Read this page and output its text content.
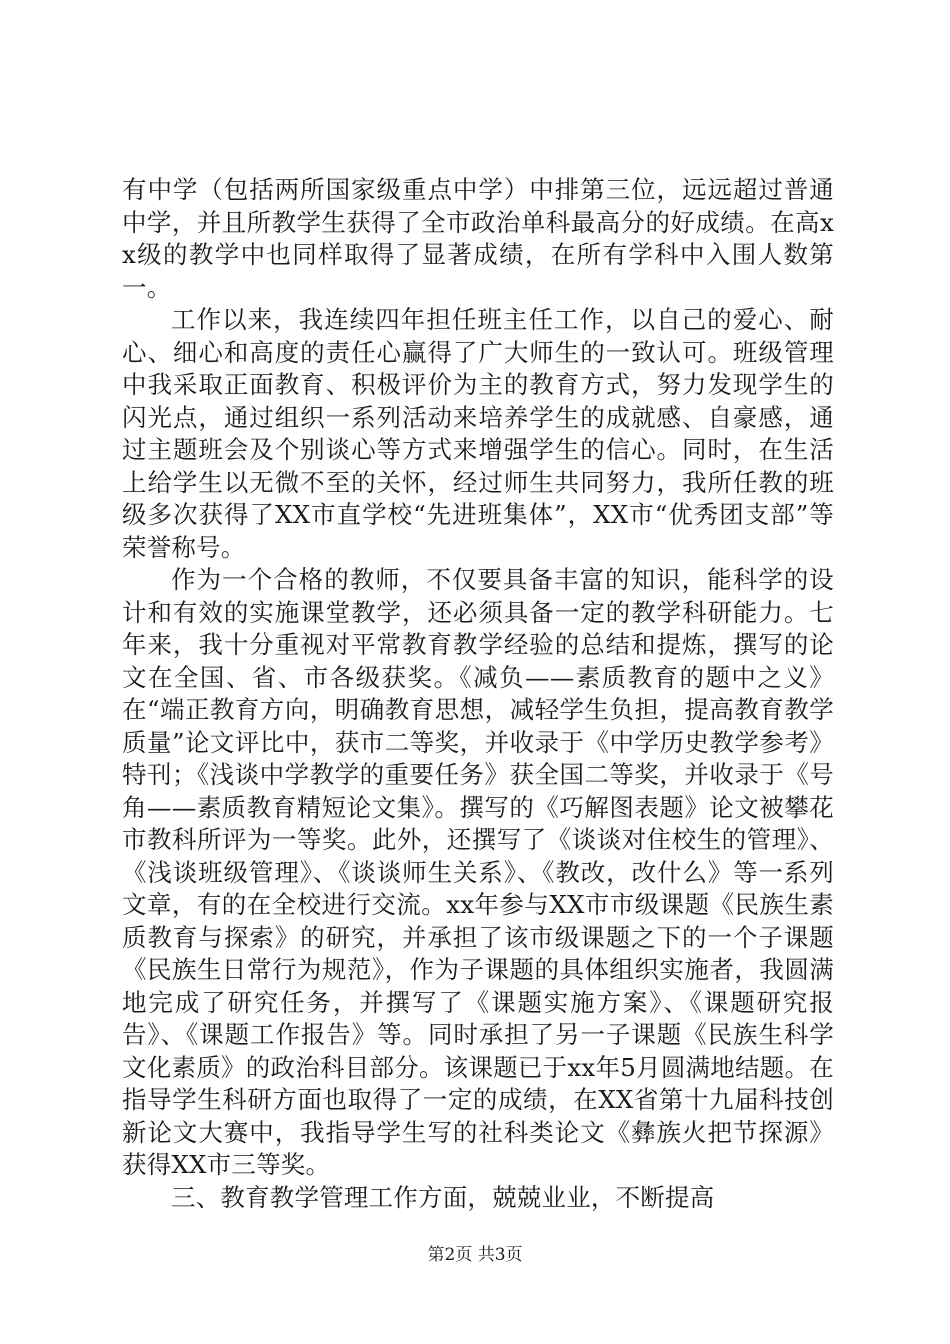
有中学（包括两所国家级重点中学）中排第三位，远远超过普通中学，并且所教学生获得了全市政治单科最高分的好成绩。在高xx级的教学中也同样取得了显著成绩，在所有学科中入围人数第一。

工作以来，我连续四年担任班主任工作，以自己的爱心、耐心、细心和高度的责任心赢得了广大师生的一致认可。班级管理中我采取正面教育、积极评价为主的教育方式，努力发现学生的闪光点，通过组织一系列活动来培养学生的成就感、自豪感，通过主题班会及个别谈心等方式来增强学生的信心。同时，在生活上给学生以无微不至的关怀，经过师生共同努力，我所任教的班级多次获得了XX市直学校“先进班集体”，XX市“优秀团支部”等荣誉称号。

作为一个合格的教师，不仅要具备丰富的知识，能科学的设计和有效的实施课堂教学，还必须具备一定的教学科研能力。七年来，我十分重视对平常教育教学经验的总结和提炼，撰写的论文在全国、省、市各级获奖。《减负——素质教育的题中之义》在“端正教育方向，明确教育思想，减轻学生负担，提高教育教学质量”论文评比中，获市二等奖，并收录于《中学历史教学参考》特刊；《浅谈中学教学的重要任务》获全国二等奖，并收录于《号角——素质教育精短论文集》。撰写的《巧解图表题》论文被攀花市教科所评为一等奖。此外，还撰写了《谈谈对住校生的管理》、《浅谈班级管理》、《谈谈师生关系》、《教改，改什么》等一系列文章，有的在全校进行交流。xx年参与XX市市级课题《民族生素质教育与探索》的研究，并承担了该市级课题之下的一个子课题《民族生日常行为规范》，作为子课题的具体组织实施者，我圆满地完成了研究任务，并撰写了《课题实施方案》、《课题研究报告》、《课题工作报告》等。同时承担了另一子课题《民族生科学文化素质》的政治科目部分。该课题已于xx年5月圆满地结题。在指导学生科研方面也取得了一定的成绩，在XX省第十九届科技创新论文大赛中，我指导学生写的社科类论文《彝族火把节探源》获得XX市三等奖。

三、教育教学管理工作方面，兢兢业业，不断提高

第2页 共3页
